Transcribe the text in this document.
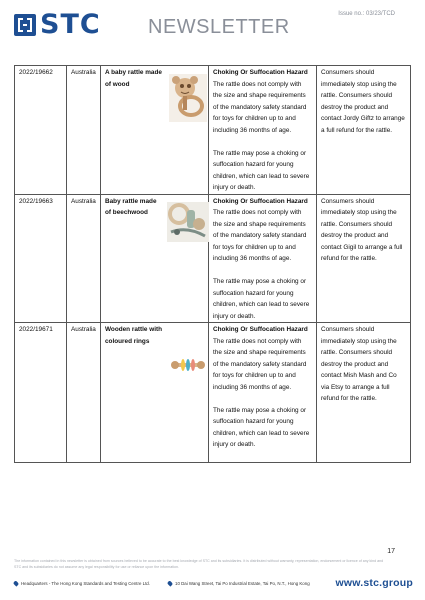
STC NEWSLETTER
Issue no.: 03/23/TCD
2022/19662	Australia	A baby rattle made of wood	Choking Or Suffocation Hazard
The rattle does not comply with the size and shape requirements of the mandatory safety standard for toys for children up to and including 36 months of age.
The rattle may pose a choking or suffocation hazard for young children, which can lead to severe injury or death.	Consumers should immediately stop using the rattle. Consumers should destroy the product and contact Jordy Giftz to arrange a full refund for the rattle.
2022/19663	Australia	Baby rattle made of beechwood	Choking Or Suffocation Hazard
The rattle does not comply with the size and shape requirements of the mandatory safety standard for toys for children up to and including 36 months of age.
The rattle may pose a choking or suffocation hazard for young children, which can lead to severe injury or death.	Consumers should immediately stop using the rattle. Consumers should destroy the product and contact Gigil to arrange a full refund for the rattle.
2022/19671	Australia	Wooden rattle with coloured rings	Choking Or Suffocation Hazard
The rattle does not comply with the size and shape requirements of the mandatory safety standard for toys for children up to and including 36 months of age.
The rattle may pose a choking or suffocation hazard for young children, which can lead to severe injury or death.	Consumers should immediately stop using the rattle. Consumers should destroy the product and contact Mish Mash and Co via Etsy to arrange a full refund for the rattle.
17
The information contained in this newsletter is obtained from sources believed to be accurate to the best knowledge of STC and its subsidiaries. It is distributed without warranty, representation, endorsement or licence of any kind and STC and its subsidiaries do not assume any legal responsibility for use or reliance upon the information.
Headquarters - The Hong Kong Standards and Testing Centre Ltd.	10 Dai Wang Street, Tai Po Industrial Estate, Tai Po, N.T., Hong Kong www.stc.group
